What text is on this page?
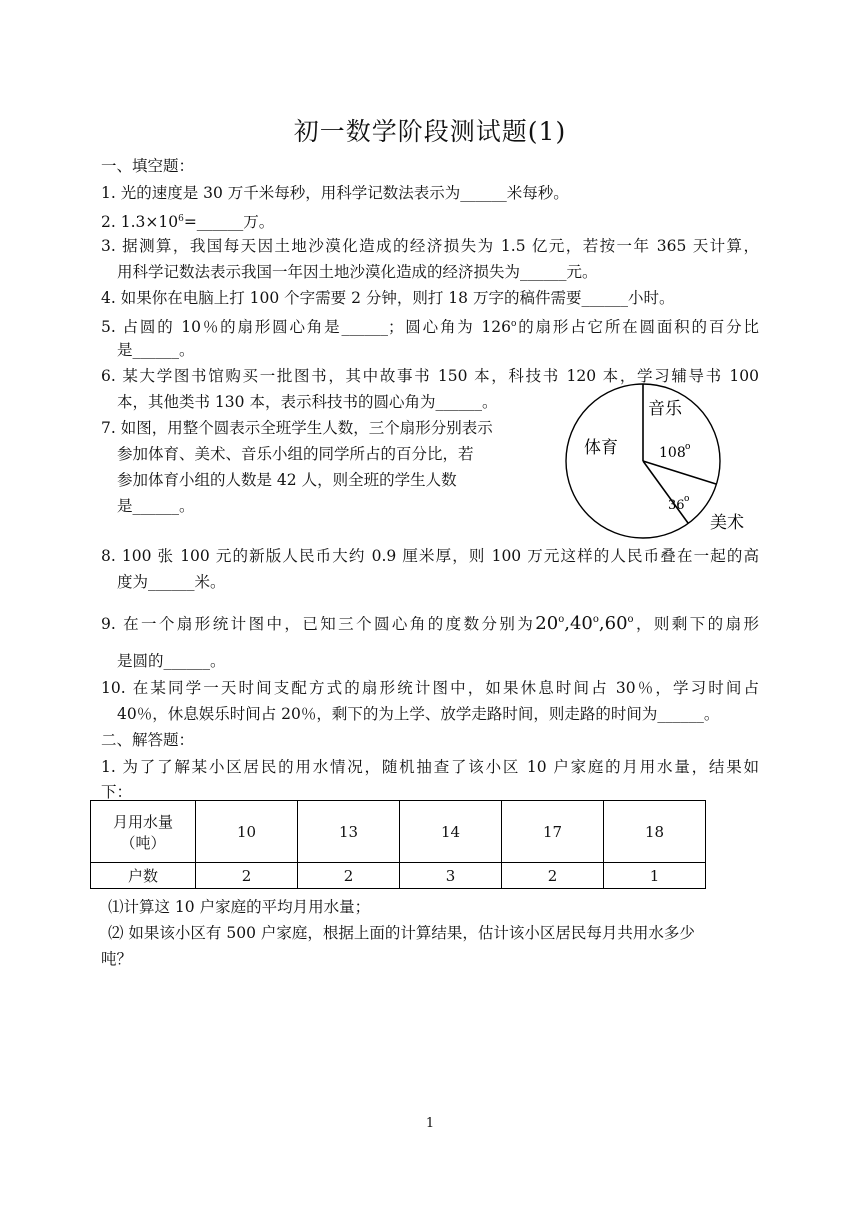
初一数学阶段测试题(1)
一、填空题：
1. 光的速度是 30 万千米每秒，用科学记数法表示为______米每秒。
2. $1.3\times 10^6=\_\_\_\_\_\_$万。
3. 据测算，我国每天因土地沙漠化造成的经济损失为 1.5 亿元，若按一年 365 天计算，
用科学记数法表示我国一年因土地沙漠化造成的经济损失为______元。
4. 如果你在电脑上打 100 个字需要 2 分钟，则打 18 万字的稿件需要______小时。
5. 占圆的 10％的扇形圆心角是______；圆心角为 126$^o$的扇形占它所在圆面积的百分比
是______。
6. 某大学图书馆购买一批图书，其中故事书 150 本，科技书 120 本，学习辅导书 100
本，其他类书 130 本，表示科技书的圆心角为______。
7. 如图，用整个圆表示全班学生人数，三个扇形分别表示
参加体育、美术、音乐小组的同学所占的百分比，若
参加体育小组的人数是 42 人，则全班的学生人数
是______。
音乐
体育	108 o
36 o
美术
8. 100 张 100 元的新版人民币大约 0.9 厘米厚，则 100 万元这样的人民币叠在一起的高
度为______米。
9. 在一个扇形统计图中，已知三个圆心角的度数分别为20$^o$,40$^o$,60$^o$，则剩下的扇形
是圆的______。
10. 在某同学一天时间支配方式的扇形统计图中，如果休息时间占 30％，学习时间占
40％，休息娱乐时间占 20％，剩下的为上学、放学走路时间，则走路的时间为______。
二、解答题：
1. 为了了解某小区居民的用水情况，随机抽查了该小区 10 户家庭的月用水量，结果如
下：
月用水量
（吨）	10	13	14	17	18
户数	2	2	3	2	1
⑴计算这 10 户家庭的平均月用水量；
⑵ 如果该小区有 500 户家庭，根据上面的计算结果，估计该小区居民每月共用水多少
吨？
1
